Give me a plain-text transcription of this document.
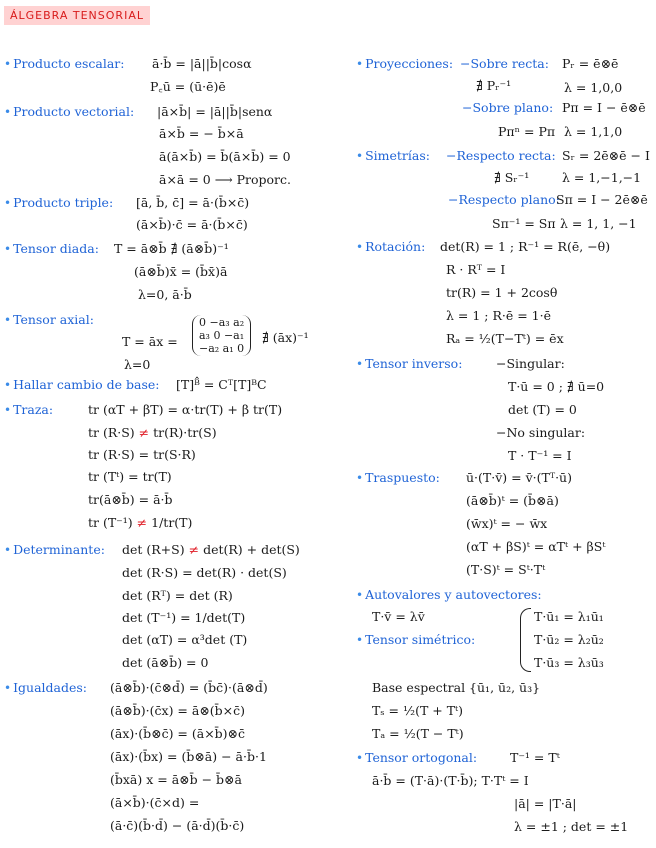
ÁLGEBRA TENSORIAL
• Producto escalar: ā·b̄ = |ā||b̄|cosα
P꜀ū = (ū·ē)ē
• Producto vectorial: |ā×b̄| = |ā||b̄|senα
ā×b̄ = − b̄×ā
ā(ā×b̄) = b̄(ā×b̄) = 0
ā×ā = 0 ⟶ Proporc.
• Producto triple: [ā, b̄, c̄] = ā·(b̄×c̄)
(ā×b̄)·c̄ = ā·(b̄×c̄)
• Tensor diada: T = ā⊗b̄ ∄ (ā⊗b̄)⁻¹
(ā⊗b̄)x̄ = (b̄x̄)ā
λ=0, ā·b̄
• Tensor axial:
T = āx =
0 −a₃ a₂
a₃ 0 −a₁
−a₂ a₁ 0
∄ (āx)⁻¹
λ=0
• Hallar cambio de base: [T]ᴮ̂ = Cᵀ[T]ᴮC
• Traza:	tr (αT + βT) = α·tr(T) + β tr(T)
tr (R·S) ≠ tr(R)·tr(S)
tr (R·S) = tr(S·R)
tr (Tᵗ) = tr(T)
tr(ā⊗b̄) = ā·b̄
tr (T⁻¹) ≠ 1/tr(T)
• Determinante: det (R+S) ≠ det(R) + det(S)
det (R·S) = det(R) · det(S)
det (Rᵀ) = det (R)
det (T⁻¹) = 1/det(T)
det (αT) = α³det (T)
det (ā⊗b̄) = 0
• Igualdades: (ā⊗b̄)·(c̄⊗d̄) = (b̄c̄)·(ā⊗d̄)
(ā⊗b̄)·(c̄x) = ā⊗(b̄×c̄)
(āx)·(b̄⊗c̄) = (ā×b̄)⊗c̄
(āx)·(b̄x) = (b̄⊗ā) − ā·b̄·1
(b̄xā) x = ā⊗b̄ − b̄⊗ā
(ā×b̄)·(c̄×d) =
(ā·c̄)(b̄·d̄) − (ā·d̄)(b̄·c̄)
• Proyecciones: −Sobre recta: Pᵣ = ē⊗ē
∄ Pᵣ⁻¹	λ = 1,0,0
−Sobre plano: Pπ = I − ē⊗ē
Pπⁿ = Pπ λ = 1,1,0
• Simetrías: −Respecto recta: Sᵣ = 2ē⊗ē − I
∄ Sᵣ⁻¹	λ = 1,−1,−1
−Respecto plano:
Sπ = I − 2ē⊗ē
Sπ⁻¹ = Sπ λ = 1, 1, −1
• Rotación: det(R) = 1 ; R⁻¹ = R(ē, −θ)
R · Rᵀ = I
tr(R) = 1 + 2cosθ
λ = 1 ; R·ē = 1·ē
Rₐ = ½(T−Tᵗ) = ēx
• Tensor inverso:	−Singular:
T·ū = 0 ; ∄ ū=0
det (T) = 0
−No singular:
T · T⁻¹ = I
• Traspuesto: ū·(T·v̄) = v̄·(Tᵀ·ū)
(ā⊗b̄)ᵗ = (b̄⊗ā)
(w̄x)ᵗ = − w̄x
(αT + βS)ᵗ = αTᵗ + βSᵗ
(T·S)ᵗ = Sᵗ·Tᵗ
• Autovalores y autovectores:
T·v̄ = λv̄
• Tensor simétrico:
T·ū₁ = λ₁ū₁
T·ū₂ = λ₂ū₂
T·ū₃ = λ₃ū₃
Base espectral {ū₁, ū₂, ū₃}
Tₛ = ½(T + Tᵗ)
Tₐ = ½(T − Tᵗ)
• Tensor ortogonal:	T⁻¹ = Tᵗ
ā·b̄ = (T·ā)·(T·b̄); T·Tᵗ = I
|ā| = |T·ā|
λ = ±1 ; det = ±1
